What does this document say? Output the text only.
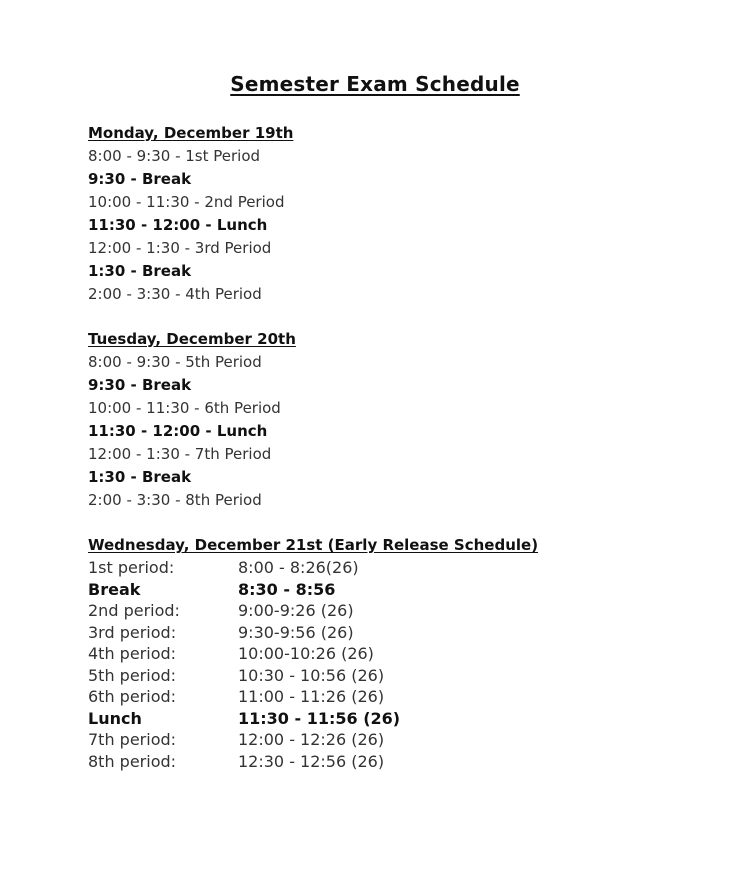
Semester Exam Schedule
Monday, December 19th
8:00 - 9:30 - 1st Period
9:30 - Break
10:00 - 11:30 - 2nd Period
11:30 - 12:00 - Lunch
12:00 - 1:30 - 3rd Period
1:30 - Break
2:00 - 3:30 - 4th Period
Tuesday, December 20th
8:00 - 9:30 - 5th Period
9:30 - Break
10:00 - 11:30 - 6th Period
11:30 - 12:00 - Lunch
12:00 - 1:30 - 7th Period
1:30 - Break
2:00 - 3:30 - 8th Period
Wednesday, December 21st (Early Release Schedule)
1st period:	8:00 - 8:26(26)
Break	8:30 - 8:56
2nd period:	9:00-9:26 (26)
3rd period:	9:30-9:56 (26)
4th period:	10:00-10:26 (26)
5th period:	10:30 - 10:56 (26)
6th period:	11:00 - 11:26 (26)
Lunch	11:30 - 11:56 (26)
7th period:	12:00 - 12:26 (26)
8th period:	12:30 - 12:56 (26)
